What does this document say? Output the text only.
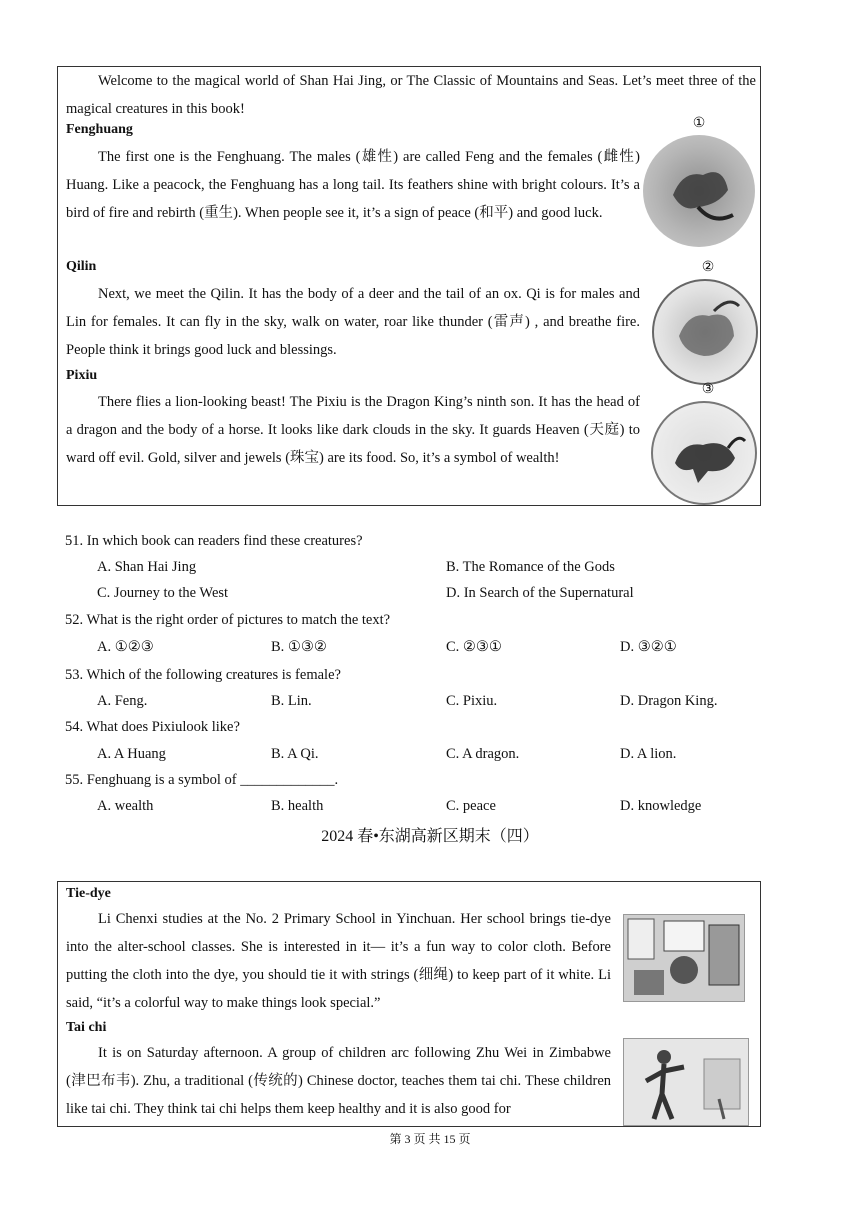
Welcome to the magical world of Shan Hai Jing, or The Classic of Mountains and Seas. Let’s meet three of the magical creatures in this book!

Fenghuang

The first one is the Fenghuang. The males (雄性) are called Feng and the females (雌性) Huang. Like a peacock, the Fenghuang has a long tail. Its feathers shine with bright colours. It’s a bird of fire and rebirth (重生). When people see it, it’s a sign of peace (和平) and good luck.

Qilin

Next, we meet the Qilin. It has the body of a deer and the tail of an ox. Qi is for males and Lin for females. It can fly in the sky, walk on water, roar like thunder (雷声) , and breathe fire. People think it brings good luck and blessings.

Pixiu

There flies a lion-looking beast! The Pixiu is the Dragon King’s ninth son. It has the head of a dragon and the body of a horse. It looks like dark clouds in the sky. It guards Heaven (天庭) to ward off evil. Gold, silver and jewels (珠宝) are its food. So, it’s a symbol of wealth!

①
②
③
51. In which book can readers find these creatures?
A. Shan Hai Jing	B. The Romance of the Gods
C. Journey to the West	D. In Search of the Supernatural
52. What is the right order of pictures to match the text?
A. ①②③	B. ①③②	C. ②③①	D. ③②①
53. Which of the following creatures is female?
A. Feng.	B. Lin.	C. Pixiu.	D. Dragon King.
54. What does Pixiulook like?
A. A Huang	B. A Qi.	C. A dragon.	D. A lion.
55. Fenghuang is a symbol of _____________.
A. wealth	B. health	C. peace	D. knowledge
2024 春•东湖高新区期末（四）
Tie-dye

Li Chenxi studies at the No. 2 Primary School in Yinchuan. Her school brings tie-dye into the alter-school classes. She is interested in it— it’s a fun way to color cloth. Before putting the cloth into the dye, you should tie it with strings (细绳) to keep part of it white. Li said, “it’s a colorful way to make things look special.”

Tai chi

It is on Saturday afternoon. A group of children arc following Zhu Wei in Zimbabwe (津巴布韦). Zhu, a traditional (传统的) Chinese doctor, teaches them tai chi. These children like tai chi. They think tai chi helps them keep healthy and it is also good for

第 3 页 共 15 页
